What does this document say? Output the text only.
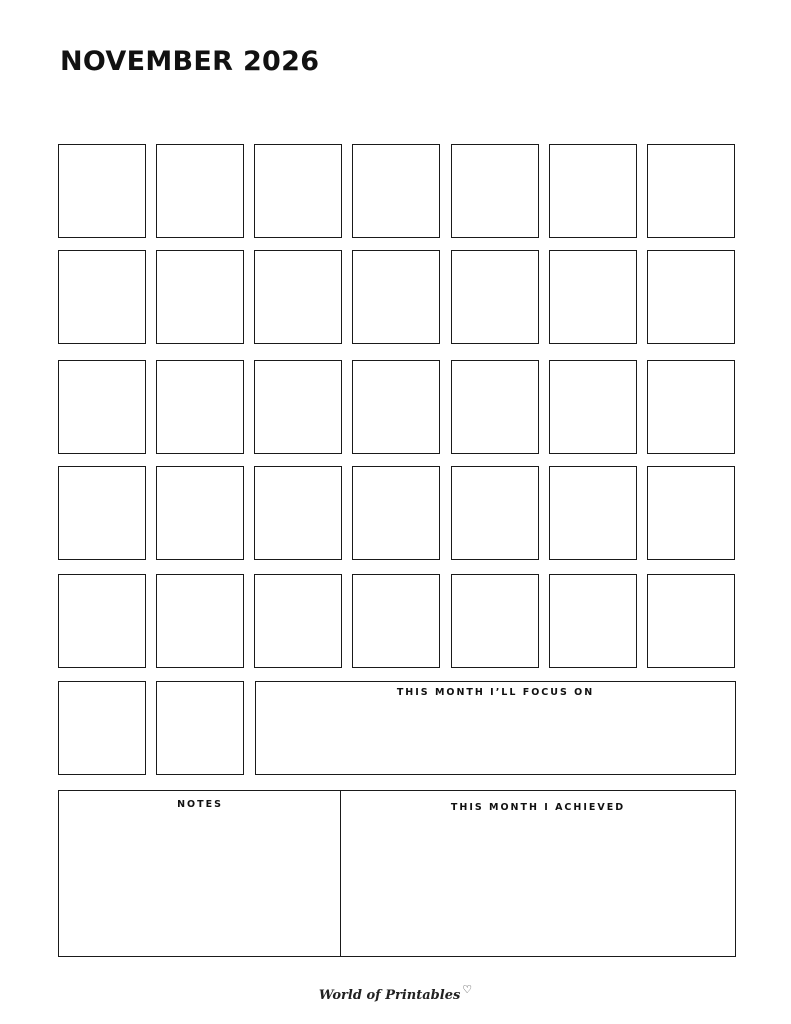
NOVEMBER 2026
THIS MONTH I’LL FOCUS ON
NOTES	THIS MONTH I ACHIEVED
World of Printables ♡
